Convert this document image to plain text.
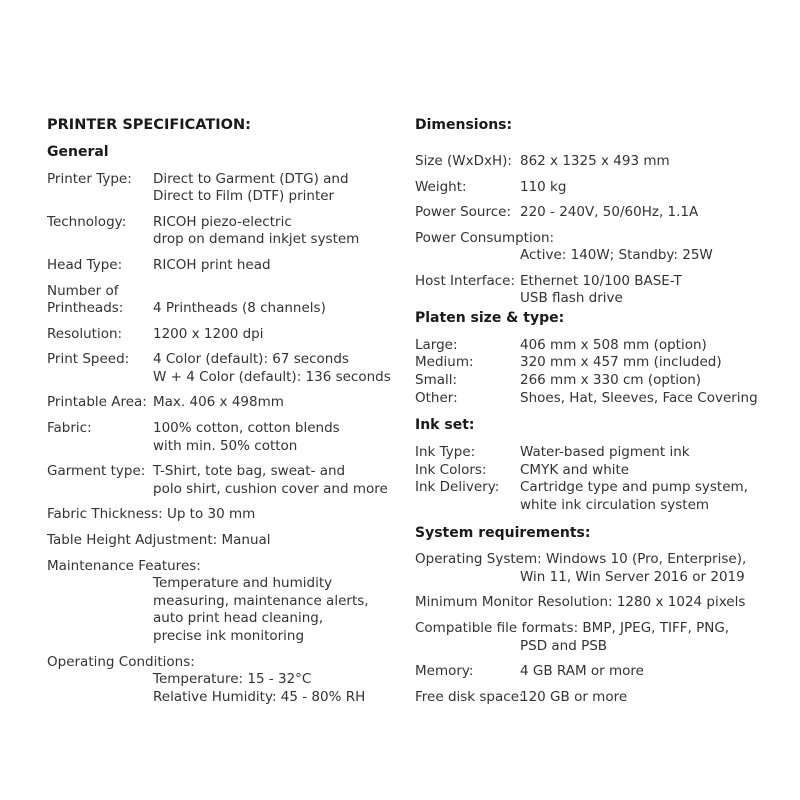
PRINTER SPECIFICATION:
General
Printer Type: Direct to Garment (DTG) and
Direct to Film (DTF) printer
Technology: RICOH piezo-electric
drop on demand inkjet system
Head Type: RICOH print head
Number of
Printheads: 4 Printheads (8 channels)
Resolution: 1200 x 1200 dpi
Print Speed: 4 Color (default): 67 seconds
W + 4 Color (default): 136 seconds
Printable Area: Max. 406 x 498mm
Fabric:	100% cotton, cotton blends
with min. 50% cotton
Garment type: T-Shirt, tote bag, sweat- and
polo shirt, cushion cover and more
Fabric Thickness: Up to 30 mm
Table Height Adjustment: Manual
Maintenance Features:
Temperature and humidity
measuring, maintenance alerts,
auto print head cleaning,
precise ink monitoring
Operating Conditions:
Temperature: 15 - 32°C
Relative Humidity: 45 - 80% RH
Dimensions:
Size (WxDxH): 862 x 1325 x 493 mm
Weight:	110 kg
Power Source: 220 - 240V, 50/60Hz, 1.1A
Power Consumption:
Active: 140W; Standby: 25W
Host Interface: Ethernet 10/100 BASE-T
USB flash drive
Platen size & type:
Large:	406 mm x 508 mm (option)
Medium:	320 mm x 457 mm (included)
Small:	266 mm x 330 cm (option)
Other:	Shoes, Hat, Sleeves, Face Covering
Ink set:
Ink Type:	Water-based pigment ink
Ink Colors: CMYK and white
Ink Delivery: Cartridge type and pump system,
white ink circulation system
System requirements:
Operating System: Windows 10 (Pro, Enterprise),
Win 11, Win Server 2016 or 2019
Minimum Monitor Resolution: 1280 x 1024 pixels
Compatible file formats: BMP, JPEG, TIFF, PNG,
PSD and PSB
Memory:	4 GB RAM or more
Free disk space:
120 GB or more
